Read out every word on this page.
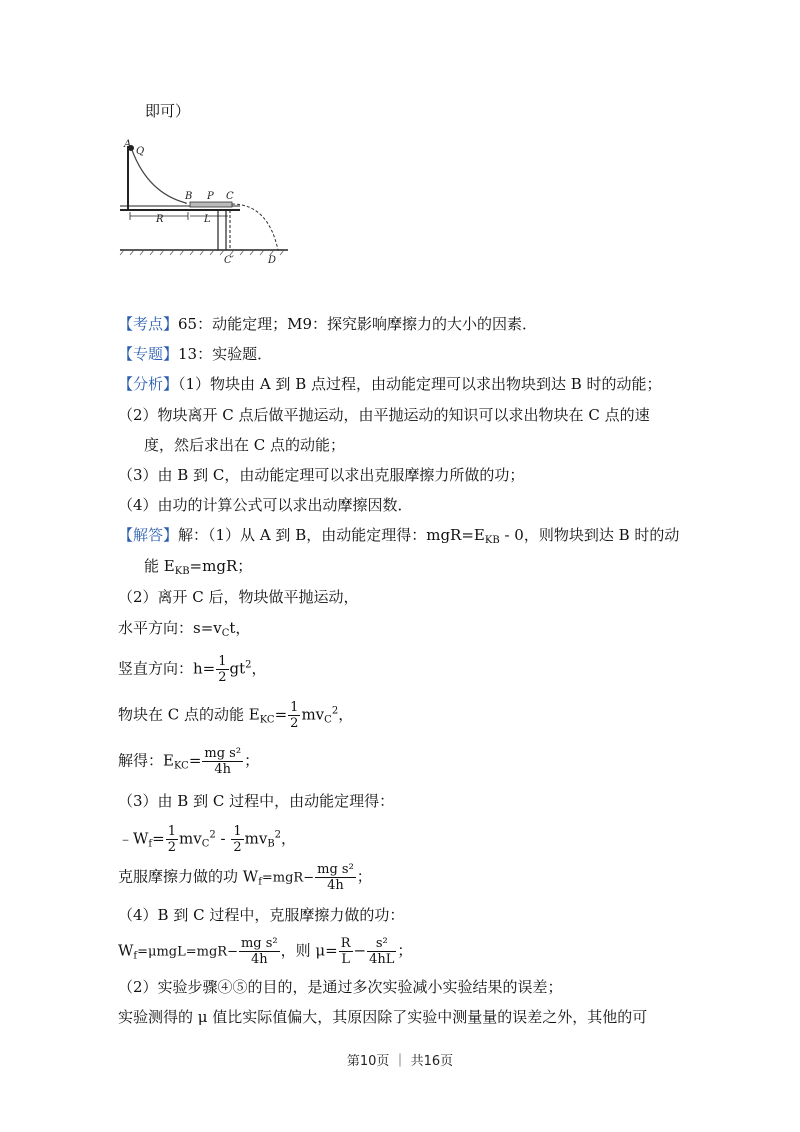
即可）
A
Q
B P C
R	L
C′	D
【考点】65：动能定理；M9：探究影响摩擦力的大小的因素．
【专题】13：实验题．
【分析】（1）物块由 A 到 B 点过程，由动能定理可以求出物块到达 B 时的动能；
（2）物块离开 C 点后做平抛运动，由平抛运动的知识可以求出物块在 C 点的速
度，然后求出在 C 点的动能；
（3）由 B 到 C，由动能定理可以求出克服摩擦力所做的功；
（4）由功的计算公式可以求出动摩擦因数．
【解答】解：（1）从 A 到 B，由动能定理得：$mgR=E_{KB} - 0$，则物块到达 B 时的动
能 $E_{KB}=mgR$；
（2）离开 C 后，物块做平抛运动，
水平方向：$s=v_Ct$，
竖直方向：$h= \frac{1}{2} gt^2$，
物块在 C 点的动能 $E_{KC}= \frac{1}{2} mv_C^2$，
解得：$E_{KC}= \frac{\text{mg s²}}{4h}$ ；
（3）由 B 到 C 过程中，由动能定理得：
$﹣W_f= \frac{1}{2} mv_C^2 - \frac{1}{2} mv_B^2$，
克服摩擦力做的功 $W_f=mgR- \frac{\text{mg s²}}{4h}$ ；
（4）B 到 C 过程中，克服摩擦力做的功：
$W_f=\mu mgL=mgR- \frac{\text{mg s²}}{4h}$ ，则 $\mu= \frac{R}{L} - \frac{\text{s²}}{4hL}$ ；
（2）实验步骤④⑤的目的，是通过多次实验减小实验结果的误差；
实验测得的 μ 值比实际值偏大，其原因除了实验中测量量的误差之外，其他的可
第10页 ｜ 共16页
